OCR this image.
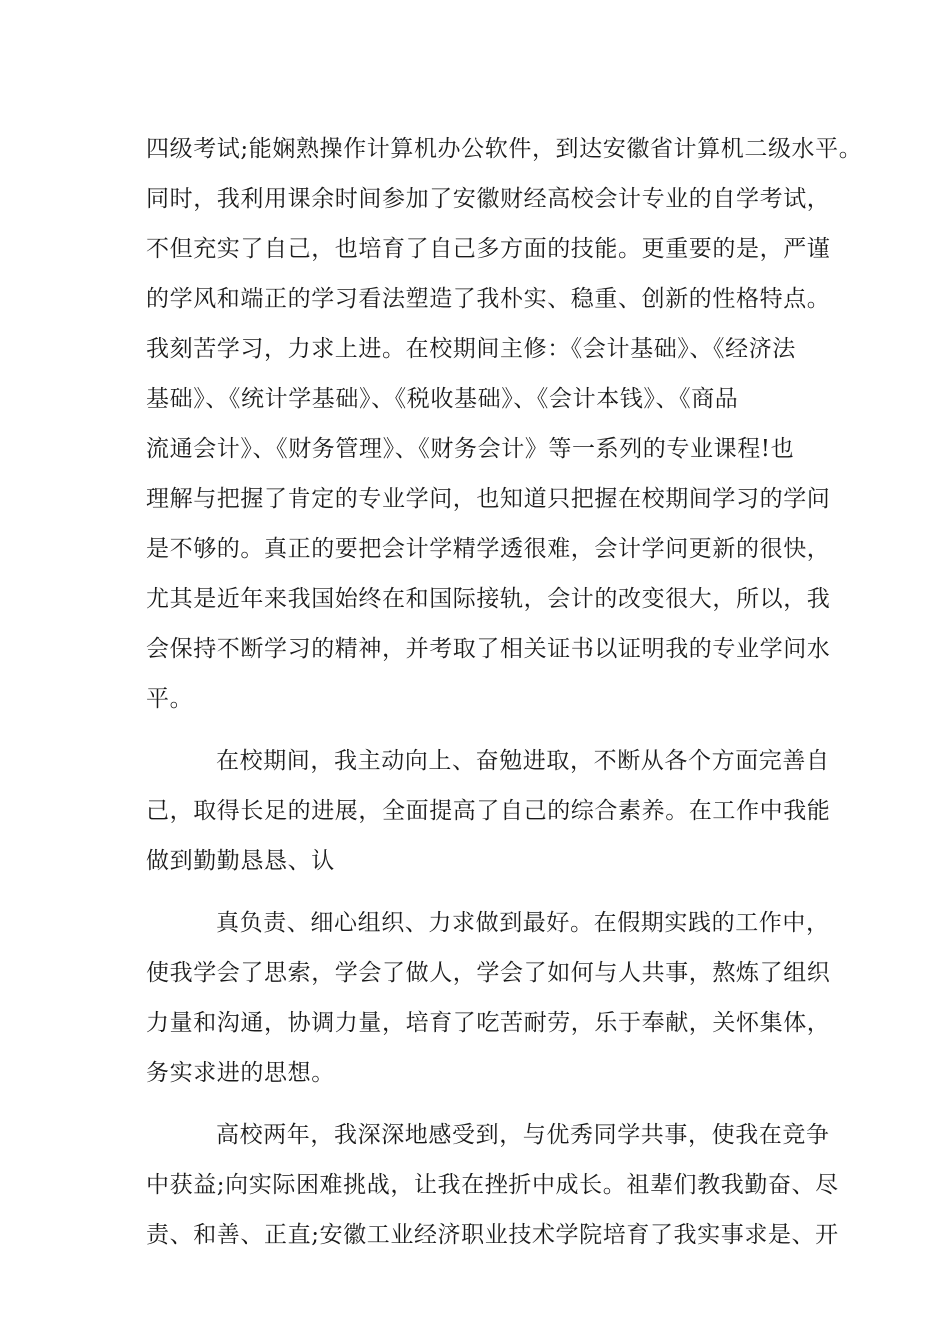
四级考试;能娴熟操作计算机办公软件，到达安徽省计算机二级水平。
同时，我利用课余时间参加了安徽财经高校会计专业的自学考试，
不但充实了自己，也培育了自己多方面的技能。更重要的是，严谨
的学风和端正的学习看法塑造了我朴实、稳重、创新的性格特点。
我刻苦学习，力求上进。在校期间主修：《会计基础》、《经济法
基础》、《统计学基础》、《税收基础》、《会计本钱》、《商品
流通会计》、《财务管理》、《财务会计》等一系列的专业课程!也
理解与把握了肯定的专业学问，也知道只把握在校期间学习的学问
是不够的。真正的要把会计学精学透很难，会计学问更新的很快，
尤其是近年来我国始终在和国际接轨，会计的改变很大，所以，我
会保持不断学习的精神，并考取了相关证书以证明我的专业学问水
平。
在校期间，我主动向上、奋勉进取，不断从各个方面完善自
己，取得长足的进展，全面提高了自己的综合素养。在工作中我能
做到勤勤恳恳、认
真负责、细心组织、力求做到最好。在假期实践的工作中，
使我学会了思索，学会了做人，学会了如何与人共事，熬炼了组织
力量和沟通，协调力量，培育了吃苦耐劳，乐于奉献，关怀集体，
务实求进的思想。
高校两年，我深深地感受到，与优秀同学共事，使我在竞争
中获益;向实际困难挑战，让我在挫折中成长。祖辈们教我勤奋、尽
责、和善、正直;安徽工业经济职业技术学院培育了我实事求是、开
